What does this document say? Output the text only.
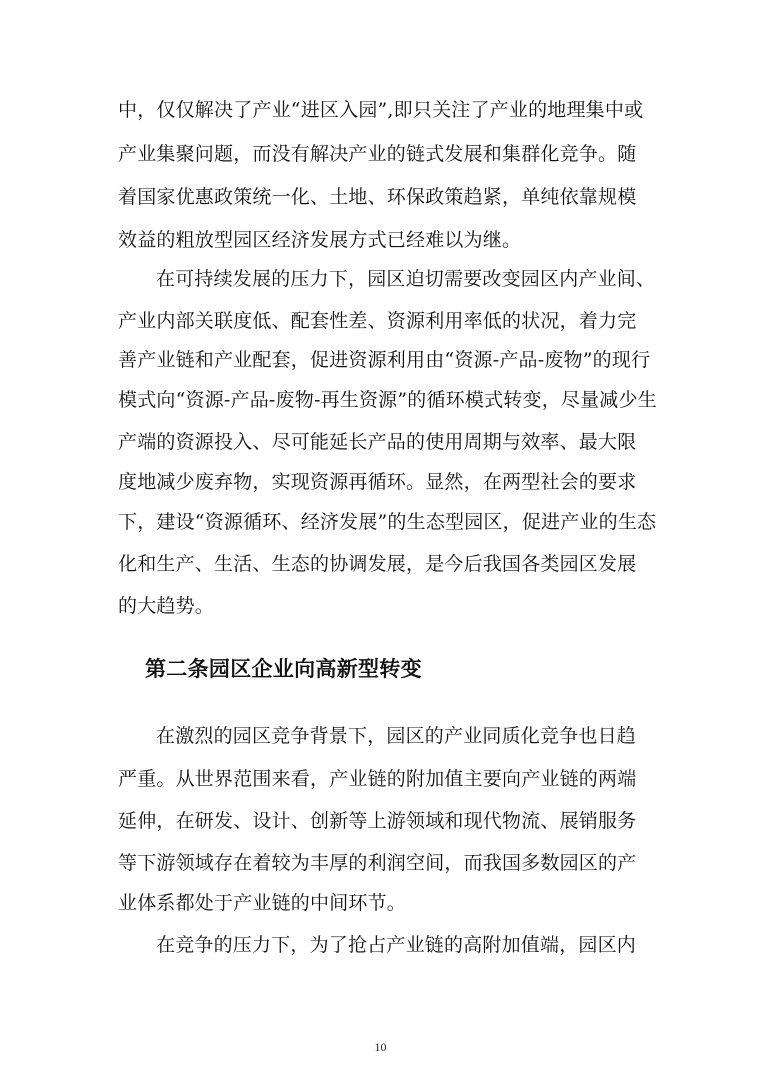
中，仅仅解决了产业“进区入园”,即只关注了产业的地理集中或

产业集聚问题，而没有解决产业的链式发展和集群化竞争。随

着国家优惠政策统一化、土地、环保政策趋紧，单纯依靠规模

效益的粗放型园区经济发展方式已经难以为继。

在可持续发展的压力下，园区迫切需要改变园区内产业间、

产业内部关联度低、配套性差、资源利用率低的状况，着力完

善产业链和产业配套，促进资源利用由“资源-产品-废物”的现行

模式向“资源-产品-废物-再生资源”的循环模式转变，尽量减少生

产端的资源投入、尽可能延长产品的使用周期与效率、最大限

度地减少废弃物，实现资源再循环。显然，在两型社会的要求

下，建设“资源循环、经济发展”的生态型园区，促进产业的生态

化和生产、生活、生态的协调发展，是今后我国各类园区发展

的大趋势。

第二条园区企业向高新型转变

在激烈的园区竞争背景下，园区的产业同质化竞争也日趋

严重。从世界范围来看，产业链的附加值主要向产业链的两端

延伸，在研发、设计、创新等上游领域和现代物流、展销服务

等下游领域存在着较为丰厚的利润空间，而我国多数园区的产

业体系都处于产业链的中间环节。

在竞争的压力下，为了抢占产业链的高附加值端，园区内

10
